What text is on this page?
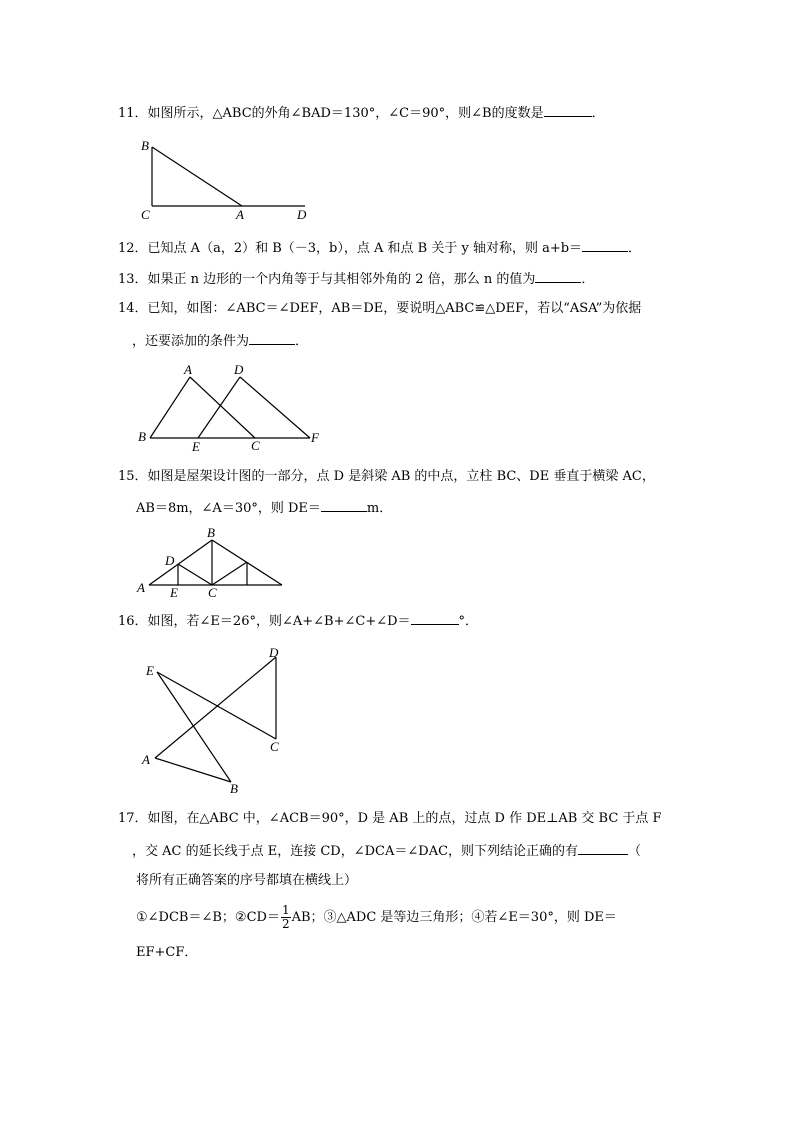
11．如图所示，△ABC的外角∠BAD＝130°，∠C＝90°，则∠B的度数是	．
B
C	A	D
12．已知点 A（a，2）和 B（－3，b），点 A 和点 B 关于 y 轴对称，则 a+b＝	．
13．如果正 n 边形的一个内角等于与其相邻外角的 2 倍，那么 n 的值为	．
14．已知，如图：∠ABC＝∠DEF，AB＝DE，要说明△ABC≌△DEF，若以“ASA”为依据
，还要添加的条件为	．
A	D
B
E	C
F
15．如图是屋架设计图的一部分，点 D 是斜梁 AB 的中点，立柱 BC、DE 垂直于横梁 AC，
AB＝8m，∠A＝30°，则 DE＝	m．
B
D
A E C
16．如图，若∠E＝26°，则∠A+∠B+∠C+∠D＝	°．
E
D
C
A
B
17．如图，在△ABC 中，∠ACB＝90°，D 是 AB 上的点，过点 D 作 DE⊥AB 交 BC 于点 F
，交 AC 的延长线于点 E，连接 CD，∠DCA＝∠DAC，则下列结论正确的有	（
将所有正确答案的序号都填在横线上）
①∠DCB＝∠B；②CD＝ $\frac{1}{2}$ AB；③△ADC 是等边三角形；④若∠E＝30°，则 DE＝
EF+CF．
